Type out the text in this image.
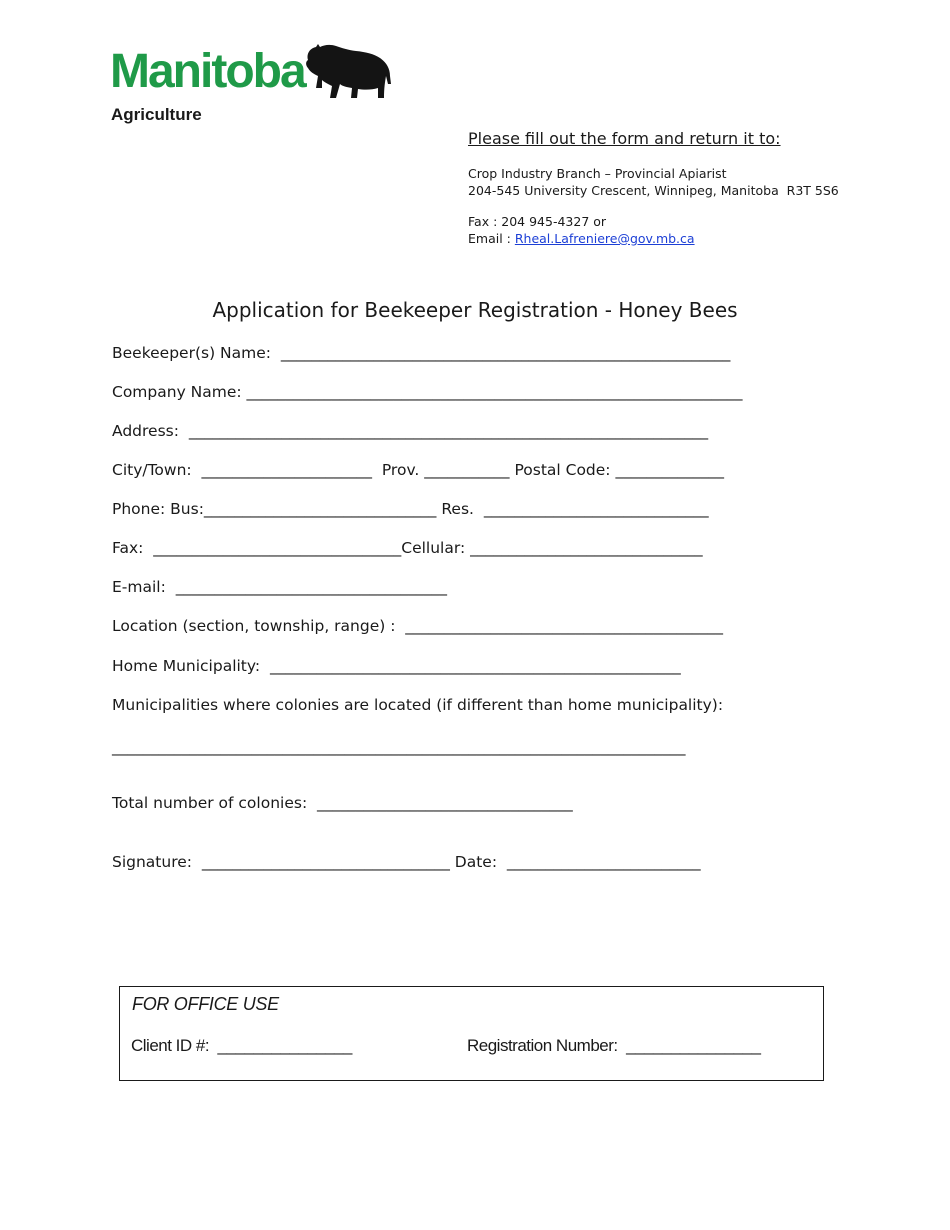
Manitoba
Agriculture
Please fill out the form and return it to:
Crop Industry Branch – Provincial Apiarist
204-545 University Crescent, Winnipeg, Manitoba  R3T 5S6
Fax : 204 945-4327 or
Email : Rheal.Lafreniere@gov.mb.ca
Application for Beekeeper Registration - Honey Bees
Beekeeper(s) Name:  __________________________________________________________
Company Name: ________________________________________________________________
Address:  ___________________________________________________________________
City/Town:  ______________________ Prov. ___________ Postal Code: ______________
Phone: Bus:______________________________ Res.  _____________________________
Fax:  ________________________________Cellular: ______________________________
E-mail:  ___________________________________
Location (section, township, range) :  _________________________________________
Home Municipality:  _____________________________________________________
Municipalities where colonies are located (if different than home municipality):
__________________________________________________________________________
Total number of colonies:  _________________________________
Signature:  ________________________________ Date:  _________________________
FOR OFFICE USE
Client ID #:  _______________	Registration Number:  _______________
